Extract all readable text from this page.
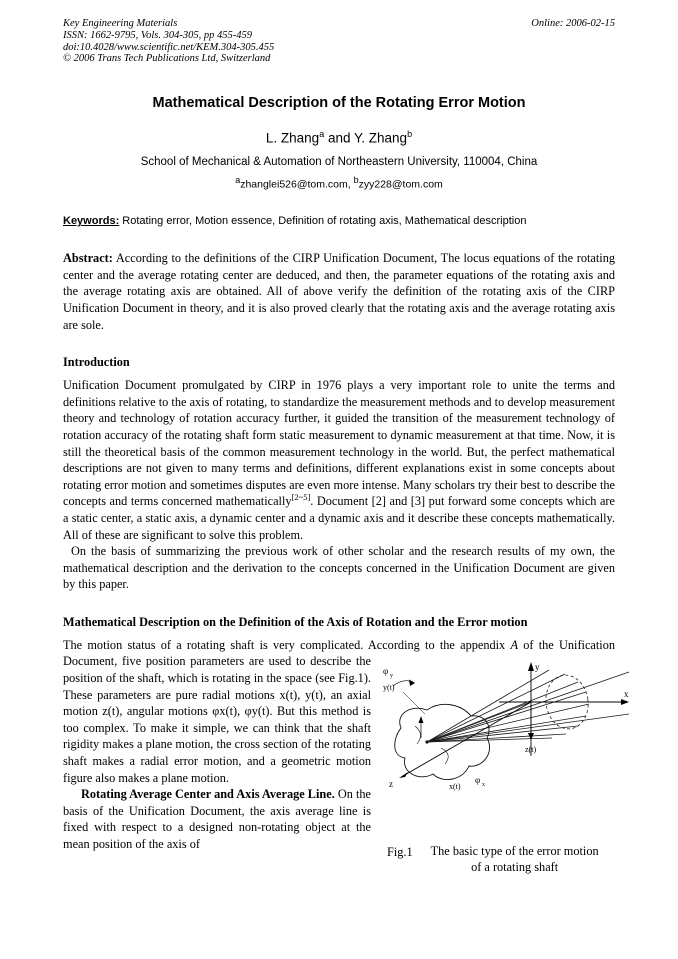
Key Engineering Materials
ISSN: 1662-9795, Vols. 304-305, pp 455-459
doi:10.4028/www.scientific.net/KEM.304-305.455
© 2006 Trans Tech Publications Ltd, Switzerland
Online: 2006-02-15
Mathematical Description of the Rotating Error Motion
L. Zhang$^a$ and Y. Zhang$^b$
School of Mechanical & Automation of Northeastern University, 110004, China
$^a$zhanglei526@tom.com, $^b$zyy228@tom.com
Keywords: Rotating error, Motion essence, Definition of rotating axis, Mathematical description
Abstract: According to the definitions of the CIRP Unification Document, The locus equations of the rotating center and the average rotating center are deduced, and then, the parameter equations of the rotating axis and the average rotating axis are obtained. All of above verify the definition of the rotating axis of the CIRP Unification Document in theory, and it is also proved clearly that the rotating axis and the average rotating axis are sole.
Introduction
Unification Document promulgated by CIRP in 1976 plays a very important role to unite the terms and definitions relative to the axis of rotating, to standardize the measurement methods and to develop measurement theory and technology of rotation accuracy further, it guided the transition of the measurement technology of rotation accuracy of the rotating shaft form static measurement to dynamic measurement at that time. Now, it is still the theoretical basis of the common measurement technology in the world. But, the perfect mathematical descriptions are not given to many terms and definitions, different explanations exist in some concepts about rotating error motion and sometimes disputes are even more intense. Many scholars try their best to describe the concepts and terms concerned mathematically[2~5]. Document [2] and [3] put forward some concepts which are a static center, a static axis, a dynamic center and a dynamic axis and it describe these concepts mathematically. All of these are significant to solve this problem.
On the basis of summarizing the previous work of other scholar and the research results of my own, the mathematical description and the derivation to the concepts concerned in the Unification Document are given by this paper.
Mathematical Description on the Definition of the Axis of Rotation and the Error motion
The motion status of a rotating shaft is very complicated. According to the appendix A
y
x
z
φ y
y(t)
φ x
x(t)
z(t)
Fig.1	The basic type of the error motion of a rotating shaft
of the Unification Document, five position parameters are used to describe the position of the shaft, which is rotating in the space (see Fig.1). These parameters are pure radial motions x(t), y(t), an axial motion z(t), angular motions φx(t), φy(t). But this method is too complex. To make it simple, we can think that the shaft rigidity makes a plane motion, the cross section of the rotating shaft makes a radial error motion, and a geometric motion figure also makes a plane motion.
Rotating Average Center and Axis Average Line. On the basis of the Unification Document, the axis average line is fixed with respect to a designed non-rotating object at the mean position of the axis of
